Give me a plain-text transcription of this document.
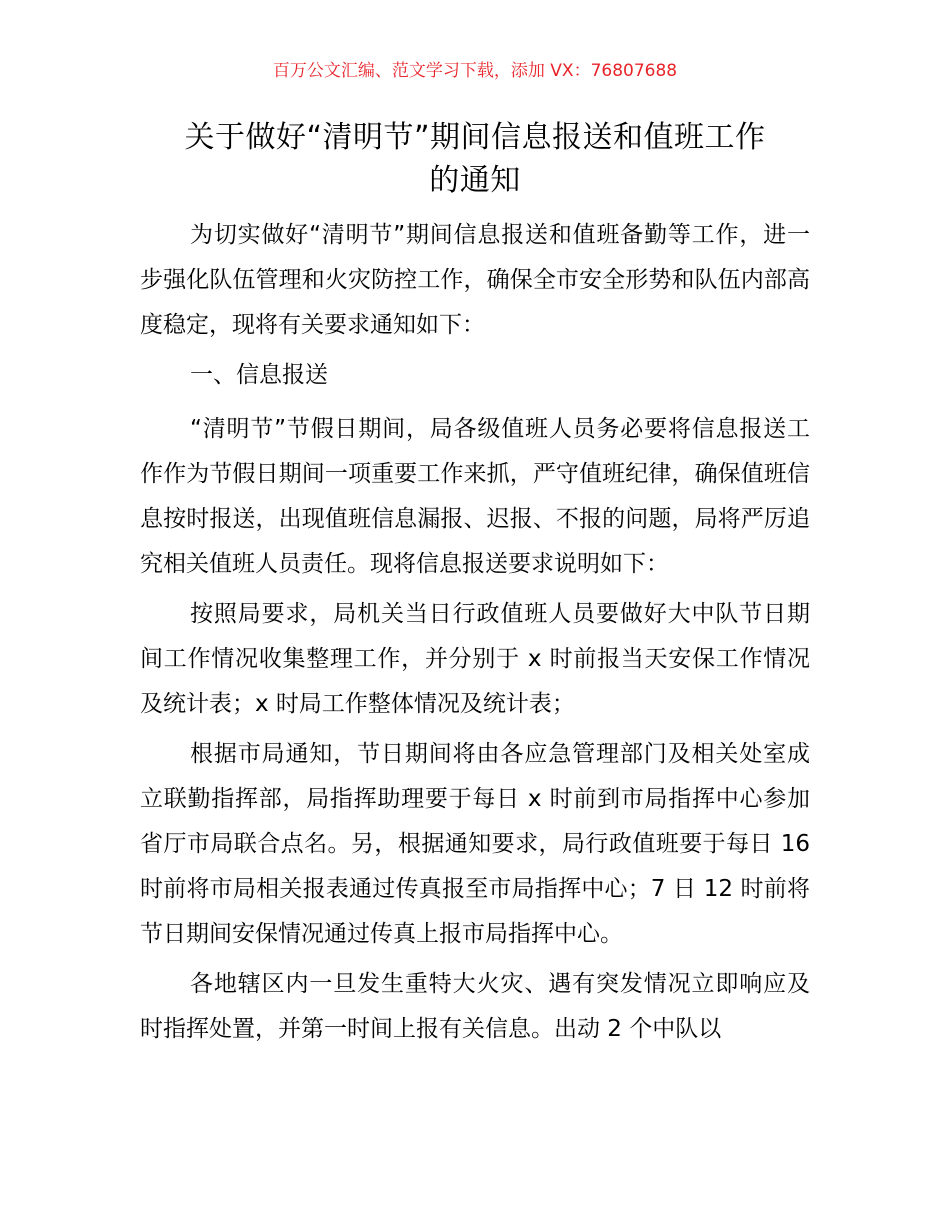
百万公文汇编、范文学习下载，添加 VX：76807688
关于做好“清明节”期间信息报送和值班工作
的通知

为切实做好“清明节”期间信息报送和值班备勤等工作，进一步强化队伍管理和火灾防控工作，确保全市安全形势和队伍内部高度稳定，现将有关要求通知如下：

一、信息报送

“清明节”节假日期间，局各级值班人员务必要将信息报送工作作为节假日期间一项重要工作来抓，严守值班纪律，确保值班信息按时报送，出现值班信息漏报、迟报、不报的问题，局将严厉追究相关值班人员责任。现将信息报送要求说明如下：

按照局要求，局机关当日行政值班人员要做好大中队节日期间工作情况收集整理工作，并分别于 x 时前报当天安保工作情况及统计表；x 时局工作整体情况及统计表；

根据市局通知，节日期间将由各应急管理部门及相关处室成立联勤指挥部，局指挥助理要于每日 x 时前到市局指挥中心参加省厅市局联合点名。另，根据通知要求，局行政值班要于每日 16 时前将市局相关报表通过传真报至市局指挥中心；7 日 12 时前将节日期间安保情况通过传真上报市局指挥中心。

各地辖区内一旦发生重特大火灾、遇有突发情况立即响应及时指挥处置，并第一时间上报有关信息。出动 2 个中队以
